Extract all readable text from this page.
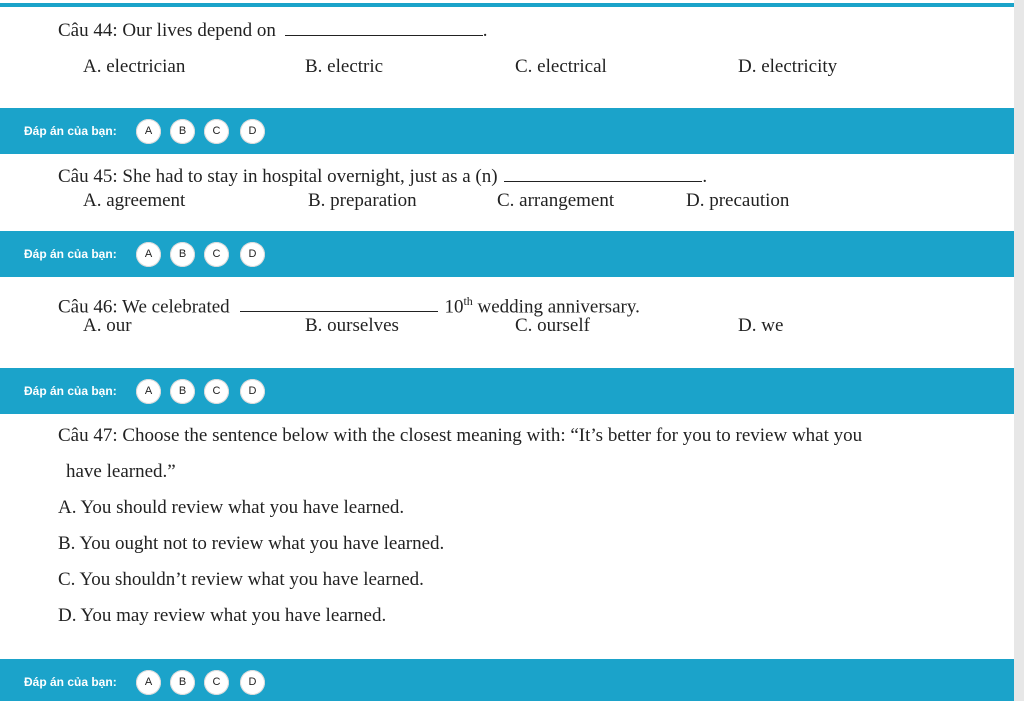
Câu 44: Our lives depend on	.
A. electrician	B. electric	C. electrical	D. electricity
Đáp án của bạn:	A	B	C	D
Câu 45: She had to stay in hospital overnight, just as a (n)	.
A. agreement	B. preparation	C. arrangement	D. precaution
Đáp án của bạn:	A	B	C	D
Câu 46: We celebrated	10th wedding anniversary.
A. our	B. ourselves	C. ourself	D. we
Đáp án của bạn:	A	B	C	D
Câu 47: Choose the sentence below with the closest meaning with: “It’s better for you to review what you
have learned.”
A. You should review what you have learned.
B. You ought not to review what you have learned.
C. You shouldn’t review what you have learned.
D. You may review what you have learned.
Đáp án của bạn:	A	B	C	D
